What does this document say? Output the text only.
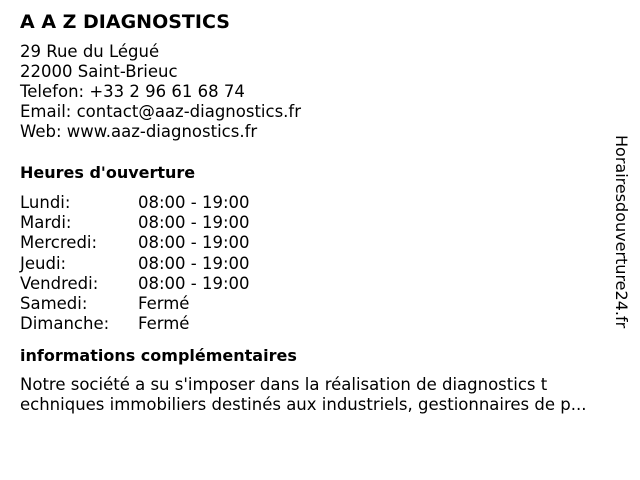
A A Z DIAGNOSTICS
29 Rue du Légué
22000 Saint-Brieuc
Telefon: +33 2 96 61 68 74
Email: contact@aaz-diagnostics.fr
Web: www.aaz-diagnostics.fr
Heures d'ouverture
Lundi:	08:00 - 19:00
Mardi:	08:00 - 19:00
Mercredi:	08:00 - 19:00
Jeudi:	08:00 - 19:00
Vendredi:	08:00 - 19:00
Samedi:	Fermé
Dimanche:	Fermé
informations complémentaires
Notre société a su s'imposer dans la réalisation de diagnostics t
echniques immobiliers destinés aux industriels, gestionnaires de p...
Horairesdouverture24.fr
